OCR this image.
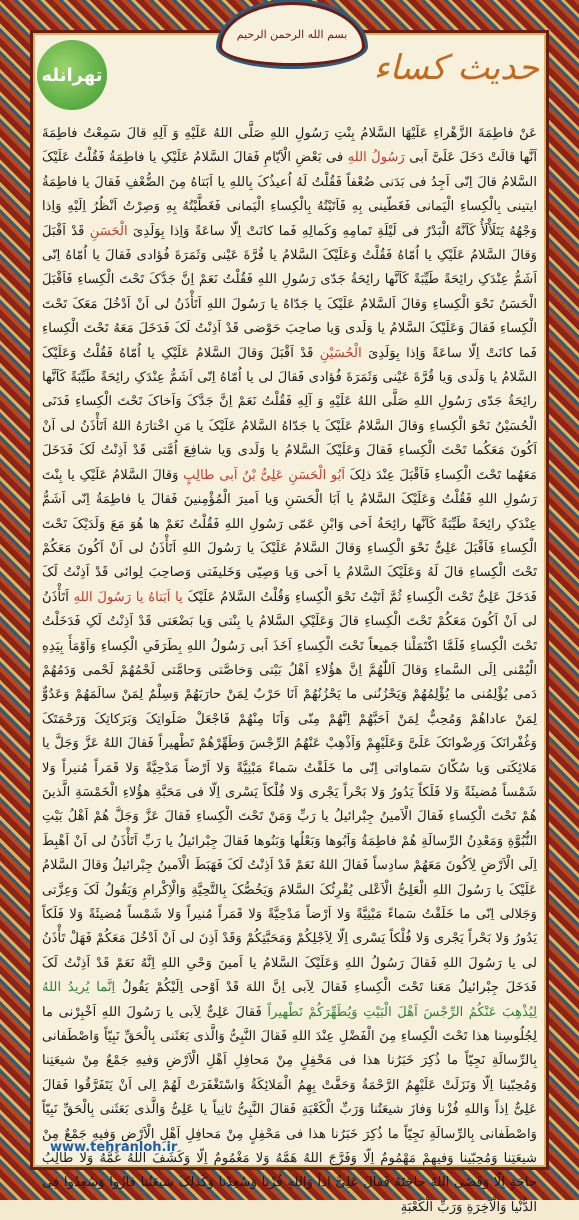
بسم الله الرحمن الرحیم
تهرانله	حدیث کساء

عَنْ فاطِمَةَ الزَّهْراءِ عَلَیْهَا السَّلامُ بِنْتِ رَسُولِ اللهِ صَلَّی اللهُ عَلَیْهِ وَ آلِهِ قالَ سَمِعْتُ فاطِمَةَ اَنَّها قالَتْ دَخَلَ عَلَیَّ اَبی رَسُولُ اللهِ فی بَعْضِ الْاَیّامِ فَقالَ السَّلامُ عَلَیْکِ یا فاطِمَةُ فَقُلْتُ عَلَیْکَ السَّلامُ قالَ اِنّی اَجِدُ فی بَدَنی ضُعْفاً فَقُلْتُ لَهُ اُعیذُکَ بِاللهِ یا اَبَتاهُ مِنَ الضُّعْفِ فَقالَ یا فاطِمَةُ ایتینی بِالْکِساءِ الْیَمانی فَغَطّینی بِهِ فَاَتَیْتُهُ بِالْکِساءِ الْیَمانی فَغَطَّیْتُهُ بِهِ وَصِرْتُ اَنْظُرُ اِلَیْهِ وَاِذا وَجْهُهُ یَتَلَأْلَأُ کَاَنَّهُ الْبَدْرُ فی لَیْلَةِ تَمامِهِ وَکَمالِهِ فَما کانَتْ اِلّا ساعَةً وَاِذا بِوَلَدِیَ الْحَسَنِ قَدْ اَقْبَلَ وَقالَ السَّلامُ عَلَیْکِ یا اُمّاهُ فَقُلْتُ وَعَلَیْکَ السَّلامُ یا قُرَّةَ عَیْنی وَثَمَرَةَ فُؤادی فَقالَ یا اُمّاهُ اِنّی اَشَمُّ عِنْدَکِ رائِحَةً طَیِّبَةً کَاَنَّها رائِحَةُ جَدّی رَسُولِ اللهِ فَقُلْتُ نَعَمْ اِنَّ جَدَّکَ تَحْتَ الْکِساءِ فَاَقْبَلَ الْحَسَنُ نَحْوَ الْکِساءِ وَقالَ اَلسَّلامُ عَلَیْکَ یا جَدّاهُ یا رَسُولَ اللهِ اَتَأْذَنُ لی اَنْ اَدْخُلَ مَعَکَ تَحْتَ الْکِساءِ فَقالَ وَعَلَیْکَ السَّلامُ یا وَلَدی وَیا صاحِبَ حَوْضی قَدْ اَذِنْتُ لَکَ فَدَخَلَ مَعَهُ تَحْتَ الْکِساءِ فَما کانَتْ اِلّا ساعَةً وَاِذا بِوَلَدِیَ الْحُسَیْنِ قَدْ اَقْبَلَ وَقالَ السَّلامُ عَلَیْکِ یا اُمّاهُ فَقُلْتُ وَعَلَیْکَ السَّلامُ یا وَلَدی وَیا قُرَّةَ عَیْنی وَثَمَرَةَ فُؤادی فَقالَ لی یا اُمّاهُ اِنّی اَشَمُّ عِنْدَکِ رائِحَةً طَیِّبَةً کَاَنَّها رائِحَةُ جَدّی رَسُولِ اللهِ صَلَّی اللهُ عَلَیْهِ وَ آلِهِ فَقُلْتُ نَعَمْ اِنَّ جَدَّکَ وَاَخاکَ تَحْتَ الْکِساءِ فَدَنَی الْحُسَیْنُ نَحْوَ الْکِساءِ وَقالَ السَّلامُ عَلَیْکَ یا جَدّاهُ السَّلامُ عَلَیْکَ یا مَنِ اخْتارَهُ اللهُ اَتَأْذَنُ لی اَنْ اَکُونَ مَعَکُما تَحْتَ الْکِساءِ فَقالَ وَعَلَیْکَ السَّلامُ یا وَلَدی وَیا شافِعَ اُمَّتی قَدْ اَذِنْتُ لَکَ فَدَخَلَ مَعَهُما تَحْتَ الْکِساءِ فَاَقْبَلَ عِنْدَ ذلِکَ اَبُو الْحَسَنِ عَلِیُّ بْنُ اَبی طالِبٍ وَقالَ السَّلامُ عَلَیْکِ یا بِنْتَ رَسُولِ اللهِ فَقُلْتُ وَعَلَیْکَ السَّلامُ یا اَبَا الْحَسَنِ وَیا اَمیرَ الْمُؤْمِنینَ فَقالَ یا فاطِمَةُ اِنّی اَشَمُّ عِنْدَکِ رائِحَةً طَیِّبَةً کَاَنَّها رائِحَةُ اَخی وَابْنِ عَمّی رَسُولِ اللهِ فَقُلْتُ نَعَمْ ها هُوَ مَعَ وَلَدَیْکَ تَحْتَ الْکِساءِ فَاَقْبَلَ عَلِیٌّ نَحْوَ الْکِساءِ وَقالَ السَّلامُ عَلَیْکَ یا رَسُولَ اللهِ اَتَأْذَنُ لی اَنْ اَکُونَ مَعَکُمْ تَحْتَ الْکِساءِ قالَ لَهُ وَعَلَیْکَ السَّلامُ یا اَخی وَیا وَصِیّی وَخَلیفَتی وَصاحِبَ لِوائی قَدْ اَذِنْتُ لَکَ فَدَخَلَ عَلِیٌّ تَحْتَ الْکِساءِ ثُمَّ اَتَیْتُ نَحْوَ الْکِساءِ وَقُلْتُ السَّلامُ عَلَیْکَ یا اَبَتاهُ یا رَسُولَ اللهِ اَتَأْذَنُ لی اَنْ اَکُونَ مَعَکُمْ تَحْتَ الْکِساءِ قالَ وَعَلَیْکِ السَّلامُ یا بِنْتی وَیا بَضْعَتی قَدْ اَذِنْتُ لَکِ فَدَخَلْتُ تَحْتَ الْکِساءِ فَلَمَّا اکْتَمَلْنا جَمیعاً تَحْتَ الْکِساءِ اَخَذَ اَبی رَسُولُ اللهِ بِطَرَفَیِ الْکِساءِ وَاَوْمَأَ بِیَدِهِ الْیُمْنی اِلَی السَّماءِ وَقالَ اَللّٰهُمَّ اِنَّ هؤُلاءِ اَهْلُ بَیْتی وَخاصَّتی وَحامَّتی لَحْمُهُمْ لَحْمی وَدَمُهُمْ دَمی یُؤْلِمُنی ما یُؤْلِمُهُمْ وَیَحْزُنُنی ما یَحْزُنُهُمْ اَنَا حَرْبٌ لِمَنْ حارَبَهُمْ وَسِلْمٌ لِمَنْ سالَمَهُمْ وَعَدُوٌّ لِمَنْ عاداهُمْ وَمُحِبٌّ لِمَنْ اَحَبَّهُمْ اِنَّهُمْ مِنّی وَاَنَا مِنْهُمْ فَاجْعَلْ صَلَواتِکَ وَبَرَکاتِکَ وَرَحْمَتَکَ وَغُفْرانَکَ وَرِضْوانَکَ عَلَیَّ وَعَلَیْهِمْ وَاَذْهِبْ عَنْهُمُ الرِّجْسَ وَطَهِّرْهُمْ تَطْهیراً فَقالَ اللهُ عَزَّ وَجَلَّ یا مَلائِکَتی وَیا سُکّانَ سَماواتی اِنّی ما خَلَقْتُ سَماءً مَبْنِیَّةً وَلا اَرْضاً مَدْحِیَّةً وَلا قَمَراً مُنیراً وَلا شَمْساً مُضیئَةً وَلا فَلَکاً یَدُورُ وَلا بَحْراً یَجْری وَلا فُلْکاً یَسْری اِلّا فی مَحَبَّةِ هؤُلاءِ الْخَمْسَةِ الَّذینَ هُمْ تَحْتَ الْکِساءِ فَقالَ الْاَمینُ جِبْرائیلُ یا رَبِّ وَمَنْ تَحْتَ الْکِساءِ فَقالَ عَزَّ وَجَلَّ هُمْ اَهْلُ بَیْتِ النُّبُوَّةِ وَمَعْدِنُ الرِّسالَةِ هُمْ فاطِمَةُ وَاَبُوها وَبَعْلُها وَبَنُوها فَقالَ جِبْرائیلُ یا رَبِّ اَتَأْذَنُ لی اَنْ اَهْبِطَ اِلَی الْاَرْضِ لِاَکُونَ مَعَهُمْ سادِساً فَقالَ اللهُ نَعَمْ قَدْ اَذِنْتُ لَکَ فَهَبَطَ الْاَمینُ جِبْرائیلُ وَقالَ السَّلامُ عَلَیْکَ یا رَسُولَ اللهِ الْعَلِیُّ الْاَعْلی یُقْرِئُکَ السَّلامَ وَیَخُصُّکَ بِالتَّحِیَّةِ وَالْاِکْرامِ وَیَقُولُ لَکَ وَعِزَّتی وَجَلالی اِنّی ما خَلَقْتُ سَماءً مَبْنِیَّةً وَلا اَرْضاً مَدْحِیَّةً وَلا قَمَراً مُنیراً وَلا شَمْساً مُضیئَةً وَلا فَلَکاً یَدُورُ وَلا بَحْراً یَجْری وَلا فُلْکاً یَسْری اِلّا لِاَجْلِکُمْ وَمَحَبَّتِکُمْ وَقَدْ اَذِنَ لی اَنْ اَدْخُلَ مَعَکُمْ فَهَلْ تَأْذَنُ لی یا رَسُولَ اللهِ فَقالَ رَسُولُ اللهِ وَعَلَیْکَ السَّلامُ یا اَمینَ وَحْیِ اللهِ اِنَّهُ نَعَمْ قَدْ اَذِنْتُ لَکَ فَدَخَلَ جِبْرائیلُ مَعَنا تَحْتَ الْکِساءِ فَقالَ لِاَبی اِنَّ اللهَ قَدْ اَوْحی اِلَیْکُمْ یَقُولُ اِنَّما یُریدُ اللهُ لِیُذْهِبَ عَنْکُمُ الرِّجْسَ اَهْلَ الْبَیْتِ وَیُطَهِّرَکُمْ تَطْهیراً فَقالَ عَلِیٌّ لِاَبی یا رَسُولَ اللهِ اَخْبِرْنی ما لِجُلُوسِنا هذا تَحْتَ الْکِساءِ مِنَ الْفَضْلِ عِنْدَ اللهِ فَقالَ النَّبِیُّ وَالَّذی بَعَثَنی بِالْحَقِّ نَبِیّاً وَاصْطَفانی بِالرِّسالَةِ نَجِیّاً ما ذُکِرَ خَبَرُنا هذا فی مَحْفِلٍ مِنْ مَحافِلِ اَهْلِ الْاَرْضِ وَفیهِ جَمْعٌ مِنْ شیعَتِنا وَمُحِبّینا اِلّا وَنَزَلَتْ عَلَیْهِمُ الرَّحْمَةُ وَحَفَّتْ بِهِمُ الْمَلائِکَةُ وَاسْتَغْفَرَتْ لَهُمْ اِلی اَنْ یَتَفَرَّقُوا فَقالَ عَلِیٌّ اِذاً وَاللهِ فُزْنا وَفازَ شیعَتُنا وَرَبِّ الْکَعْبَةِ فَقالَ النَّبِیُّ ثانِیاً یا عَلِیُّ وَالَّذی بَعَثَنی بِالْحَقِّ نَبِیّاً وَاصْطَفانی بِالرِّسالَةِ نَجِیّاً ما ذُکِرَ خَبَرُنا هذا فی مَحْفِلٍ مِنْ مَحافِلِ اَهْلِ الْاَرْضِ وَفیهِ جَمْعٌ مِنْ شیعَتِنا وَمُحِبّینا وَفیهِمْ مَهْمُومٌ اِلّا وَفَرَّجَ اللهُ هَمَّهُ وَلا مَغْمُومٌ اِلّا وَکَشَفَ اللهُ غَمَّهُ وَلا طالِبُ حاجَةٍ اِلّا وَقَضَی اللهُ حاجَتَهُ فَقالَ عَلِیٌّ اِذاً وَاللهِ فُزْنا وَسُعِدْنا وَکَذلِکَ شیعَتُنا فازُوا وَسُعِدُوا فِی الدُّنْیا وَالْآخِرَةِ وَرَبِّ الْکَعْبَةِ

www.tehranloh.ir
